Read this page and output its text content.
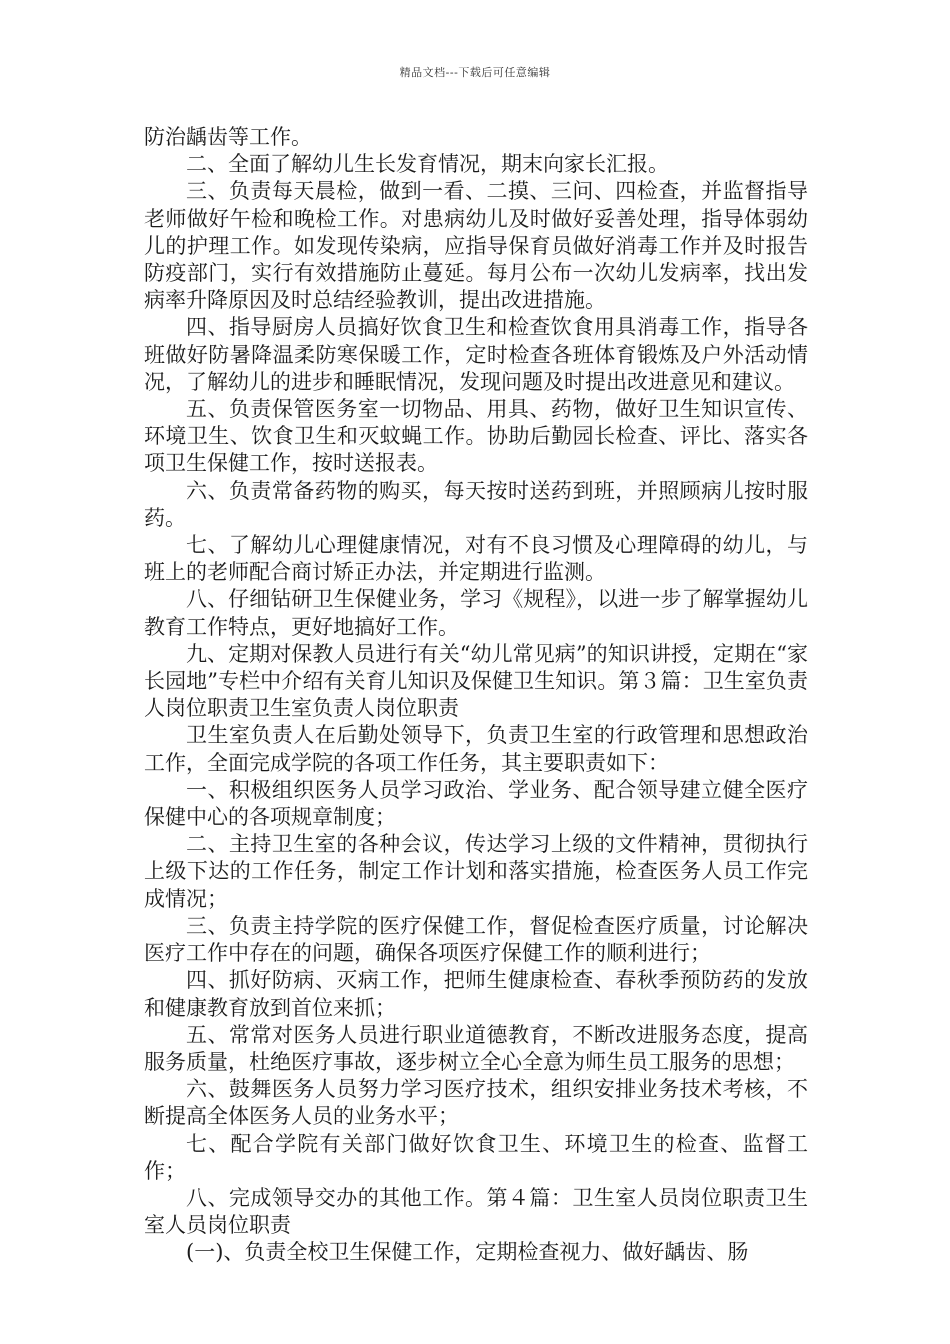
精品文档---下载后可任意编辑

防治龋齿等工作。

二、全面了解幼儿生长发育情况，期末向家长汇报。

三、负责每天晨检，做到一看、二摸、三问、四检查，并监督指导老师做好午检和晚检工作。对患病幼儿及时做好妥善处理，指导体弱幼儿的护理工作。如发现传染病，应指导保育员做好消毒工作并及时报告防疫部门，实行有效措施防止蔓延。每月公布一次幼儿发病率，找出发病率升降原因及时总结经验教训，提出改进措施。

四、指导厨房人员搞好饮食卫生和检查饮食用具消毒工作，指导各班做好防暑降温柔防寒保暖工作，定时检查各班体育锻炼及户外活动情况，了解幼儿的进步和睡眠情况，发现问题及时提出改进意见和建议。

五、负责保管医务室一切物品、用具、药物，做好卫生知识宣传、环境卫生、饮食卫生和灭蚊蝇工作。协助后勤园长检查、评比、落实各项卫生保健工作，按时送报表。

六、负责常备药物的购买，每天按时送药到班，并照顾病儿按时服药。

七、了解幼儿心理健康情况，对有不良习惯及心理障碍的幼儿，与班上的老师配合商讨矫正办法，并定期进行监测。

八、仔细钻研卫生保健业务，学习《规程》，以进一步了解掌握幼儿教育工作特点，更好地搞好工作。

九、定期对保教人员进行有关“幼儿常见病”的知识讲授，定期在“家长园地”专栏中介绍有关育儿知识及保健卫生知识。第３篇：卫生室负责人岗位职责卫生室负责人岗位职责

卫生室负责人在后勤处领导下，负责卫生室的行政管理和思想政治工作，全面完成学院的各项工作任务，其主要职责如下：

一、积极组织医务人员学习政治、学业务、配合领导建立健全医疗保健中心的各项规章制度；

二、主持卫生室的各种会议，传达学习上级的文件精神，贯彻执行上级下达的工作任务，制定工作计划和落实措施，检查医务人员工作完成情况；

三、负责主持学院的医疗保健工作，督促检查医疗质量，讨论解决医疗工作中存在的问题，确保各项医疗保健工作的顺利进行；

四、抓好防病、灭病工作，把师生健康检查、春秋季预防药的发放和健康教育放到首位来抓；

五、常常对医务人员进行职业道德教育，不断改进服务态度，提高服务质量，杜绝医疗事故，逐步树立全心全意为师生员工服务的思想；

六、鼓舞医务人员努力学习医疗技术，组织安排业务技术考核，不断提高全体医务人员的业务水平；

七、配合学院有关部门做好饮食卫生、环境卫生的检查、监督工作；

八、完成领导交办的其他工作。第４篇：卫生室人员岗位职责卫生室人员岗位职责

(一)、负责全校卫生保健工作，定期检查视力、做好龋齿、肠
